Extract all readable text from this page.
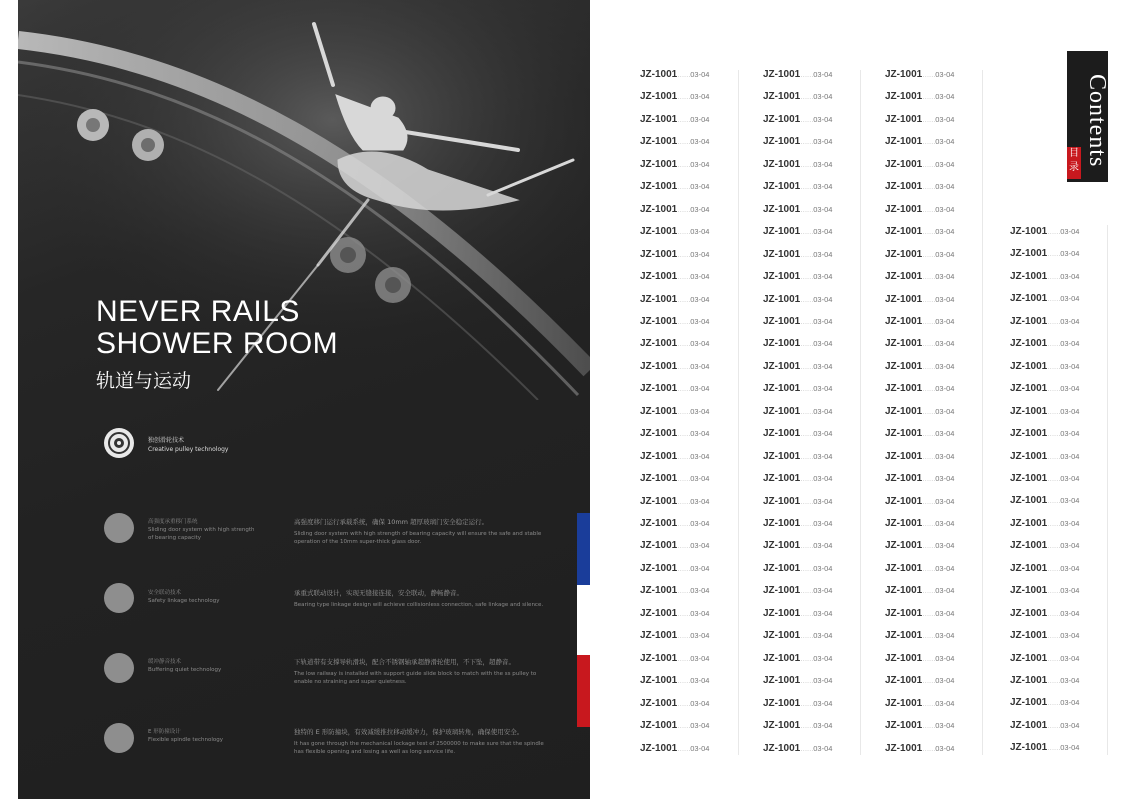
NEVER RAILS
SHOWER ROOM
轨道与运动
独创滑轮技术
Creative pulley technology
高强度承重移门系统
Sliding door system with high strength of bearing capacity
高强度移门运行承载系统，确保 10mm 超厚玻璃门安全稳定运行。
Sliding door system with high strength of bearing capacity will ensure the safe and stable operation of the 10mm super-thick glass door.
安全联动技术
Safety linkage technology
承重式联动设计，实现无缝接连接，安全联动，静畅静音。
Bearing type linkage design will achieve collisionless connection, safe linkage and silence.
缓冲静音技术
Buffering quiet technology
下轨道带有支撑导轨滑块，配合不锈钢轴承超静滑轮使用，不下坠，超静音。
The low railway is installed with support guide slide block to match with the ss pulley to enable no straining and super quietness.
E 形防撞设计
Flexible spindle technology
独特的 E 形防撞块，有效减缓推拉移动缓冲力，保护玻璃转角，确保使用安全。
It has gone through the mechanical lockage test of 2500000 to make sure that the spindle has flexible opening and losing as well as long service life.
JZ-1001……03-04
JZ-1001……03-04
JZ-1001……03-04
JZ-1001……03-04
JZ-1001……03-04
JZ-1001……03-04
JZ-1001……03-04
JZ-1001……03-04
JZ-1001……03-04
JZ-1001……03-04
JZ-1001……03-04
JZ-1001……03-04
JZ-1001……03-04
JZ-1001……03-04
JZ-1001……03-04
JZ-1001……03-04
JZ-1001……03-04
JZ-1001……03-04
JZ-1001……03-04
JZ-1001……03-04
JZ-1001……03-04
JZ-1001……03-04
JZ-1001……03-04
JZ-1001……03-04
JZ-1001……03-04
JZ-1001……03-04
JZ-1001……03-04
JZ-1001……03-04
JZ-1001……03-04
JZ-1001……03-04
JZ-1001……03-04
JZ-1001……03-04
JZ-1001……03-04
JZ-1001……03-04
JZ-1001……03-04
JZ-1001……03-04
JZ-1001……03-04
JZ-1001……03-04
JZ-1001……03-04
JZ-1001……03-04
JZ-1001……03-04
JZ-1001……03-04
JZ-1001……03-04
JZ-1001……03-04
JZ-1001……03-04
JZ-1001……03-04
JZ-1001……03-04
JZ-1001……03-04
JZ-1001……03-04
JZ-1001……03-04
JZ-1001……03-04
JZ-1001……03-04
JZ-1001……03-04
JZ-1001……03-04
JZ-1001……03-04
JZ-1001……03-04
JZ-1001……03-04
JZ-1001……03-04
JZ-1001……03-04
JZ-1001……03-04
JZ-1001……03-04
JZ-1001……03-04
JZ-1001……03-04
JZ-1001……03-04
JZ-1001……03-04
JZ-1001……03-04
JZ-1001……03-04
JZ-1001……03-04
JZ-1001……03-04
JZ-1001……03-04
JZ-1001……03-04
JZ-1001……03-04
JZ-1001……03-04
JZ-1001……03-04
JZ-1001……03-04
JZ-1001……03-04
JZ-1001……03-04
JZ-1001……03-04
JZ-1001……03-04
JZ-1001……03-04
JZ-1001……03-04
JZ-1001……03-04
JZ-1001……03-04
JZ-1001……03-04
JZ-1001……03-04
JZ-1001……03-04
JZ-1001……03-04
JZ-1001……03-04
JZ-1001……03-04
JZ-1001……03-04
JZ-1001……03-04
JZ-1001……03-04
JZ-1001……03-04
JZ-1001……03-04
JZ-1001……03-04
JZ-1001……03-04
JZ-1001……03-04
JZ-1001……03-04
JZ-1001……03-04
JZ-1001……03-04
JZ-1001……03-04
JZ-1001……03-04
JZ-1001……03-04
JZ-1001……03-04
JZ-1001……03-04
JZ-1001……03-04
JZ-1001……03-04
JZ-1001……03-04
JZ-1001……03-04
JZ-1001……03-04
JZ-1001……03-04
JZ-1001……03-04
JZ-1001……03-04
JZ-1001……03-04
JZ-1001……03-04
JZ-1001……03-04
JZ-1001……03-04
Contents
目录
